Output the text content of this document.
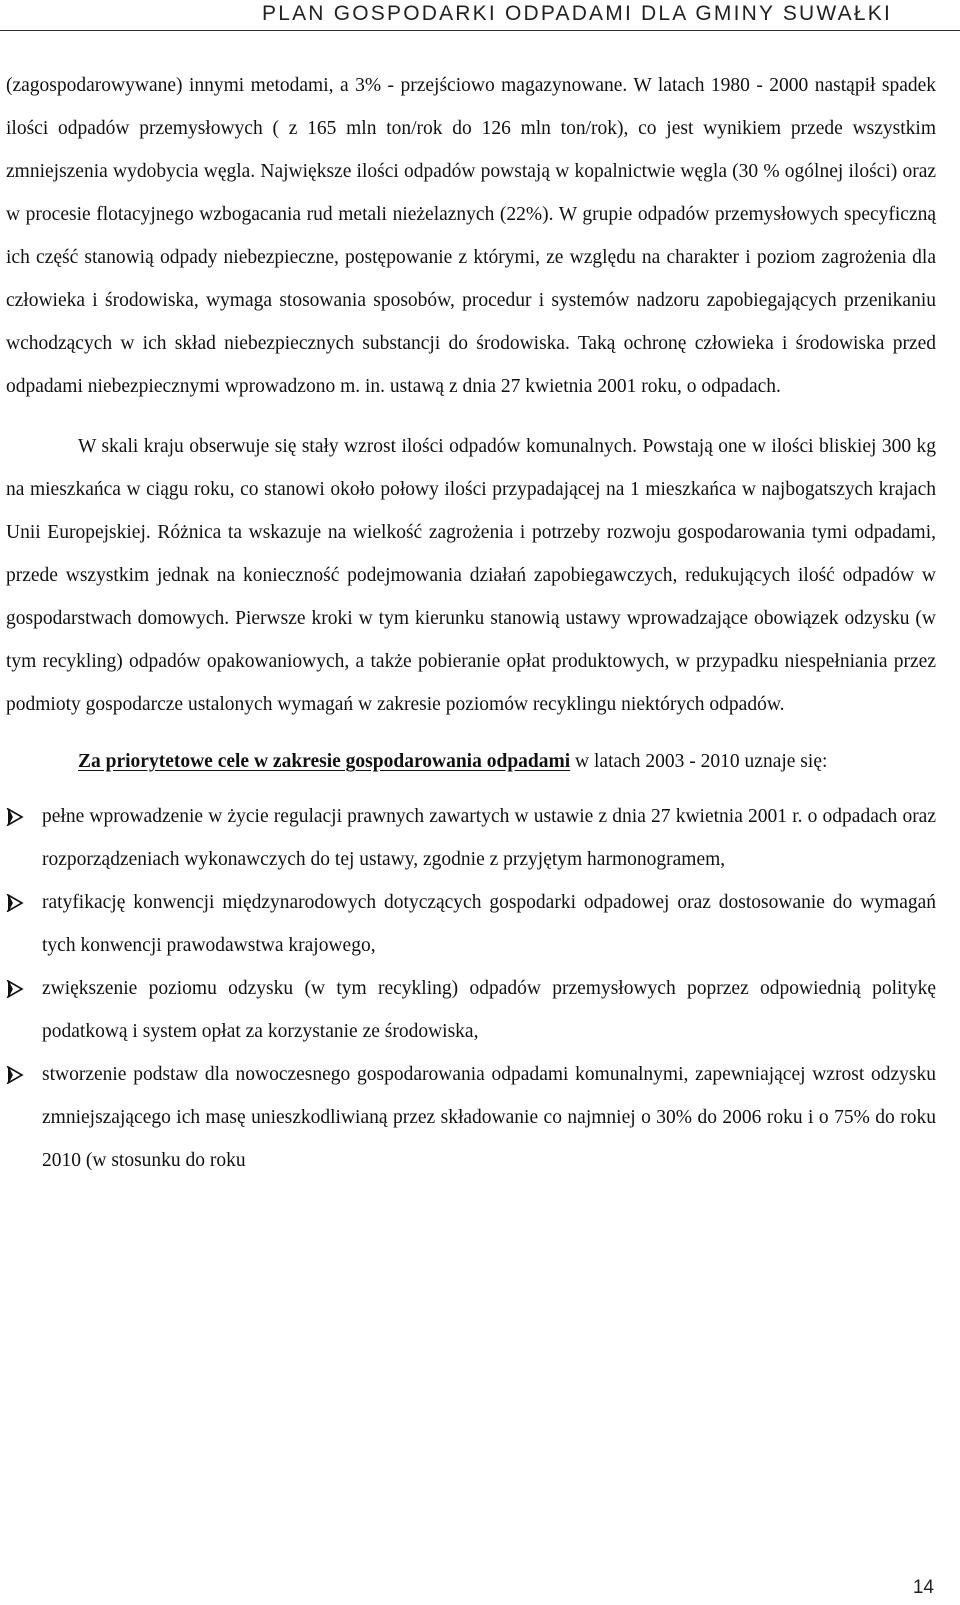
PLAN GOSPODARKI ODPADAMI DLA GMINY SUWAŁKI

(zagospodarowywane) innymi metodami, a 3% - przejściowo magazynowane. W latach 1980 - 2000 nastąpił spadek ilości odpadów przemysłowych ( z 165 mln ton/rok do 126 mln ton/rok), co jest wynikiem przede wszystkim zmniejszenia wydobycia węgla. Największe ilości odpadów powstają w kopalnictwie węgla (30 % ogólnej ilości) oraz w procesie flotacyjnego wzbogacania rud metali nieżelaznych (22%). W grupie odpadów przemysłowych specyficzną ich część stanowią odpady niebezpieczne, postępowanie z którymi, ze względu na charakter i poziom zagrożenia dla człowieka i środowiska, wymaga stosowania sposobów, procedur i systemów nadzoru zapobiegających przenikaniu wchodzących w ich skład niebezpiecznych substancji do środowiska. Taką ochronę człowieka i środowiska przed odpadami niebezpiecznymi wprowadzono m. in. ustawą z dnia 27 kwietnia 2001 roku, o odpadach.

W skali kraju obserwuje się stały wzrost ilości odpadów komunalnych. Powstają one w ilości bliskiej 300 kg na mieszkańca w ciągu roku, co stanowi około połowy ilości przypadającej na 1 mieszkańca w najbogatszych krajach Unii Europejskiej. Różnica ta wskazuje na wielkość zagrożenia i potrzeby rozwoju gospodarowania tymi odpadami, przede wszystkim jednak na konieczność podejmowania działań zapobiegawczych, redukujących ilość odpadów w gospodarstwach domowych. Pierwsze kroki w tym kierunku stanowią ustawy wprowadzające obowiązek odzysku (w tym recykling) odpadów opakowaniowych, a także pobieranie opłat produktowych, w przypadku niespełniania przez podmioty gospodarcze ustalonych wymagań w zakresie poziomów recyklingu niektórych odpadów.

Za priorytetowe cele w zakresie gospodarowania odpadami w latach 2003 - 2010 uznaje się:

pełne wprowadzenie w życie regulacji prawnych zawartych w ustawie z dnia 27 kwietnia 2001 r. o odpadach oraz rozporządzeniach wykonawczych do tej ustawy, zgodnie z przyjętym harmonogramem,
ratyfikację konwencji międzynarodowych dotyczących gospodarki odpadowej oraz dostosowanie do wymagań tych konwencji prawodawstwa krajowego,
zwiększenie poziomu odzysku (w tym recykling) odpadów przemysłowych poprzez odpowiednią politykę podatkową i system opłat za korzystanie ze środowiska,
stworzenie podstaw dla nowoczesnego gospodarowania odpadami komunalnymi, zapewniającej wzrost odzysku zmniejszającego ich masę unieszkodliwianą przez składowanie co najmniej o 30% do 2006 roku i o 75% do roku 2010 (w stosunku do roku
14
